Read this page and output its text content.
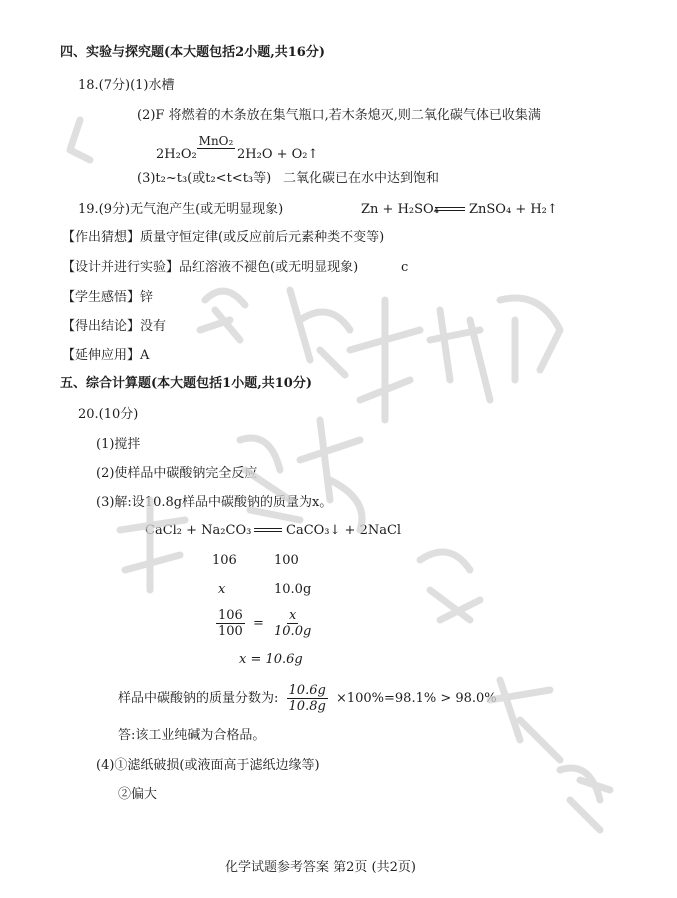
四、实验与探究题(本大题包括2小题,共16分)
18.(7分)(1)水槽
(2)F 将燃着的木条放在集气瓶口,若木条熄灭,则二氧化碳气体已收集满
2H₂O₂
MnO₂
2H₂O + O₂↑
(3)t₂~t₃(或t₂<t<t₃等) 二氧化碳已在水中达到饱和
19.(9分)无气泡产生(或无明显现象)	Zn + H₂SO₄ ZnSO₄ + H₂↑
【作出猜想】质量守恒定律(或反应前后元素种类不变等)
【设计并进行实验】品红溶液不褪色(或无明显现象)	c
【学生感悟】锌
【得出结论】没有
【延伸应用】A
五、综合计算题(本大题包括1小题,共10分)
20.(10分)
(1)搅拌
(2)使样品中碳酸钠完全反应
(3)解:设10.8g样品中碳酸钠的质量为x。
CaCl₂ + Na₂CO₃	CaCO₃↓ + 2NaCl
106	100
x	10.0g
$\frac{106}{100} = \frac{x}{10.0g}$
x = 10.6g
样品中碳酸钠的质量分数为: $\frac{10.6g}{10.8g} \times 100\%=98.1\% > 98.0\%$
答:该工业纯碱为合格品。
(4)①滤纸破损(或液面高于滤纸边缘等)
②偏大
化学试题参考答案 第2页 (共2页)
